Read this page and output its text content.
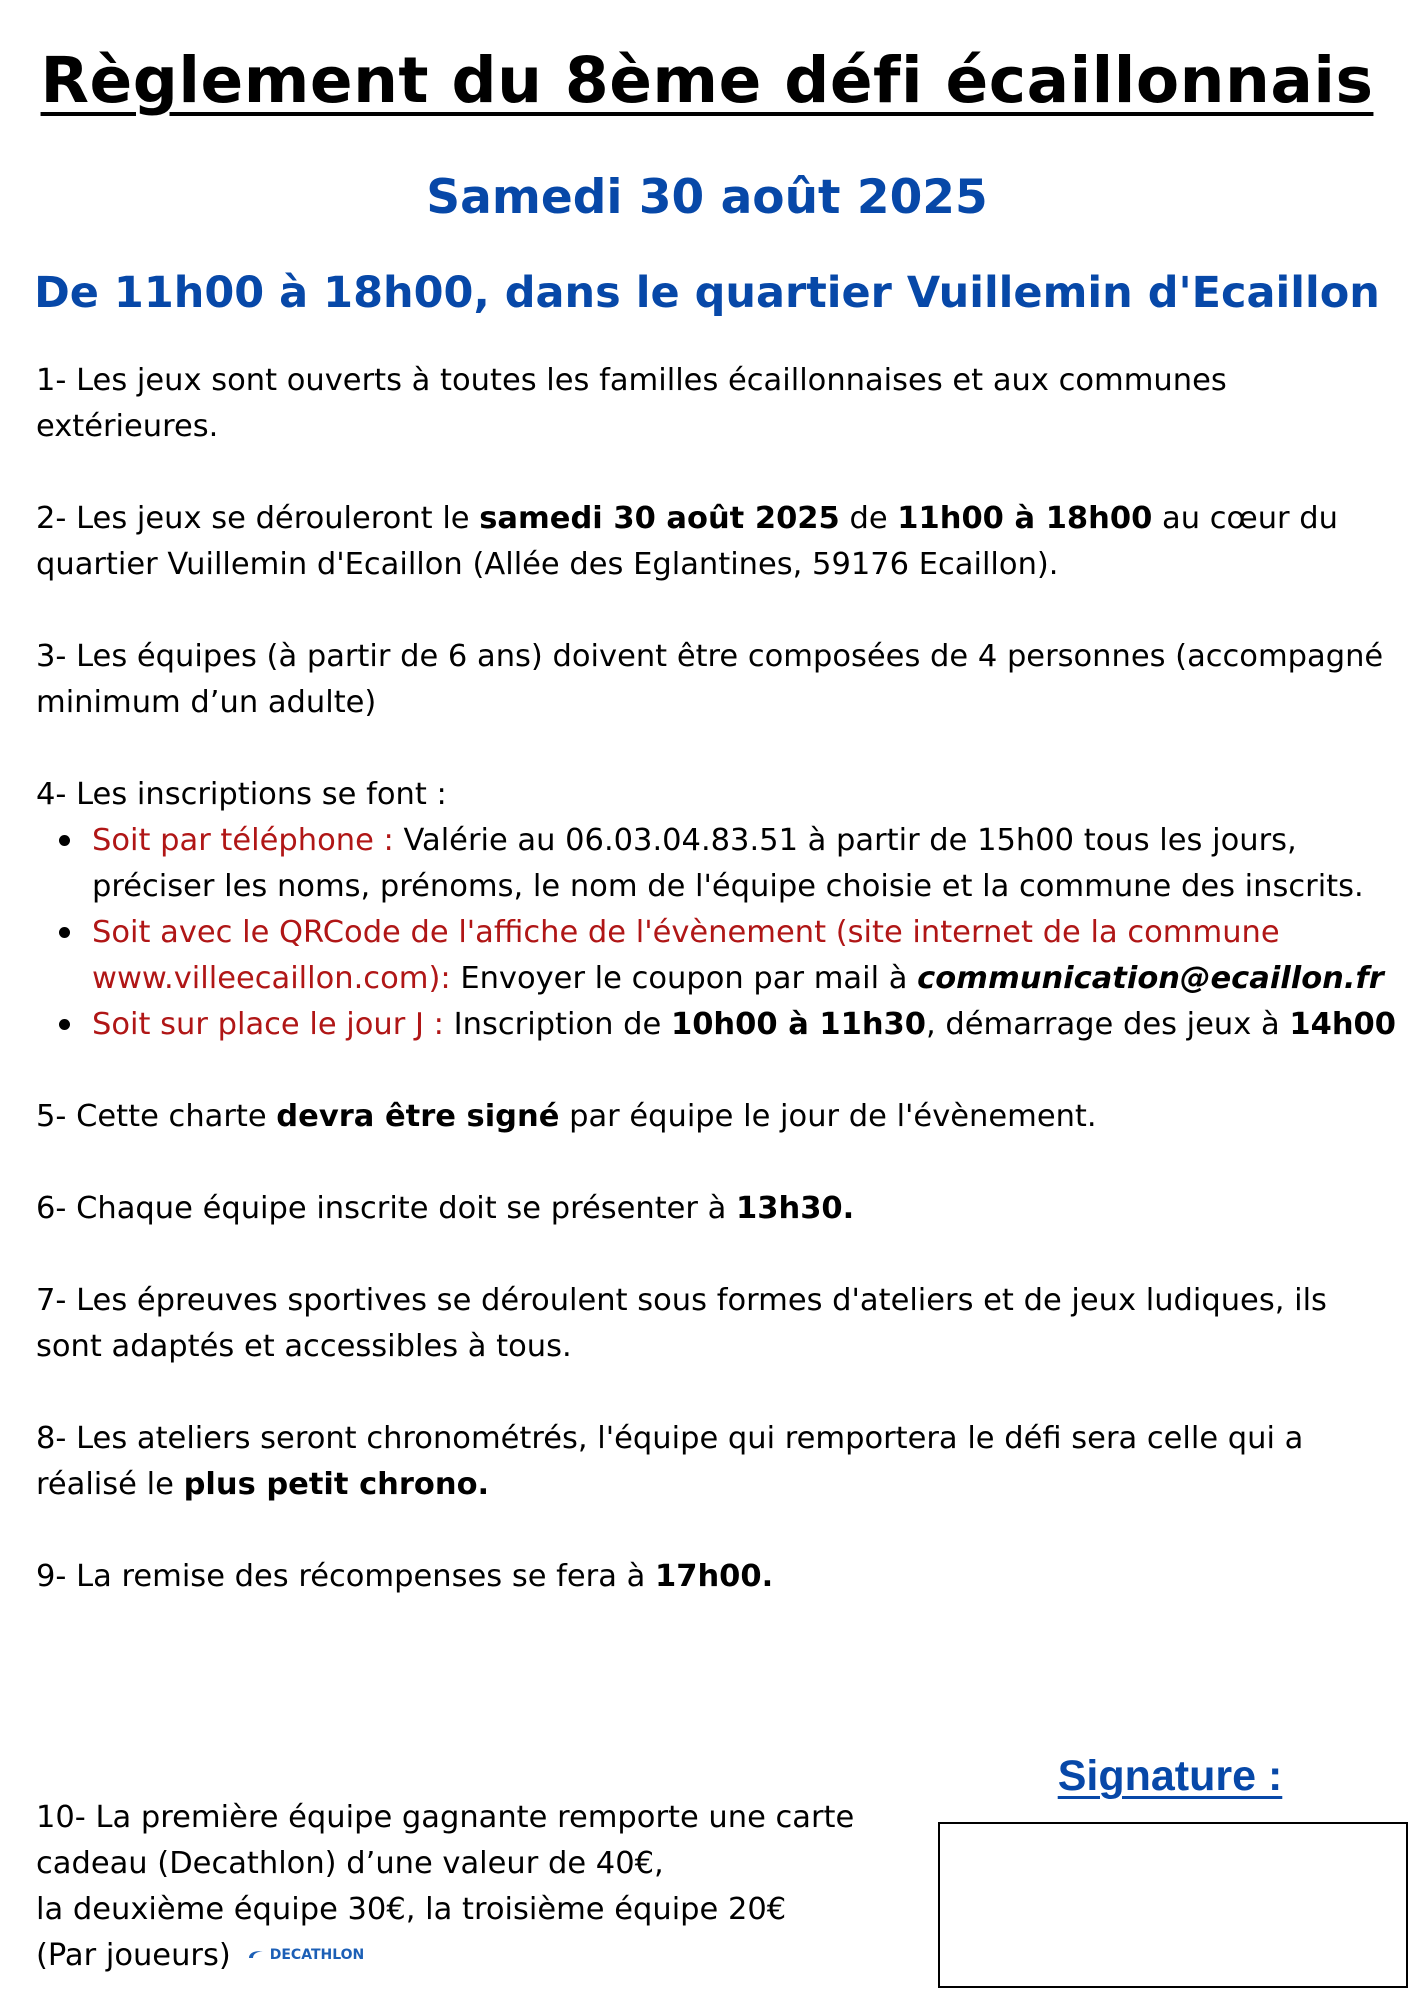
Règlement du 8ème défi écaillonnais
Samedi 30 août 2025
De 11h00 à 18h00, dans le quartier Vuillemin d'Ecaillon

1- Les jeux sont ouverts à toutes les familles écaillonnaises et aux communes extérieures.

2- Les jeux se dérouleront le samedi 30 août 2025 de 11h00 à 18h00 au cœur du quartier Vuillemin d'Ecaillon (Allée des Eglantines, 59176 Ecaillon).

3- Les équipes (à partir de 6 ans) doivent être composées de 4 personnes (accompagné minimum d’un adulte)

4- Les inscriptions se font :
Soit par téléphone : Valérie au 06.03.04.83.51 à partir de 15h00 tous les jours, préciser les noms, prénoms, le nom de l'équipe choisie et la commune des inscrits.
Soit avec le QRCode de l'affiche de l'évènement (site internet de la commune www.villeecaillon.com): Envoyer le coupon par mail à communication@ecaillon.fr
Soit sur place le jour J : Inscription de 10h00 à 11h30, démarrage des jeux à 14h00

5- Cette charte devra être signé par équipe le jour de l'évènement.

6- Chaque équipe inscrite doit se présenter à 13h30.

7- Les épreuves sportives se déroulent sous formes d'ateliers et de jeux ludiques, ils sont adaptés et accessibles à tous.

8- Les ateliers seront chronométrés, l'équipe qui remportera le défi sera celle qui a réalisé le plus petit chrono.

9- La remise des récompenses se fera à 17h00.

10- La première équipe gagnante remporte une carte
cadeau (Decathlon) d’une valeur de 40€,
la deuxième équipe 30€, la troisième équipe 20€
(Par joueurs)	DECATHLON

Signature :
